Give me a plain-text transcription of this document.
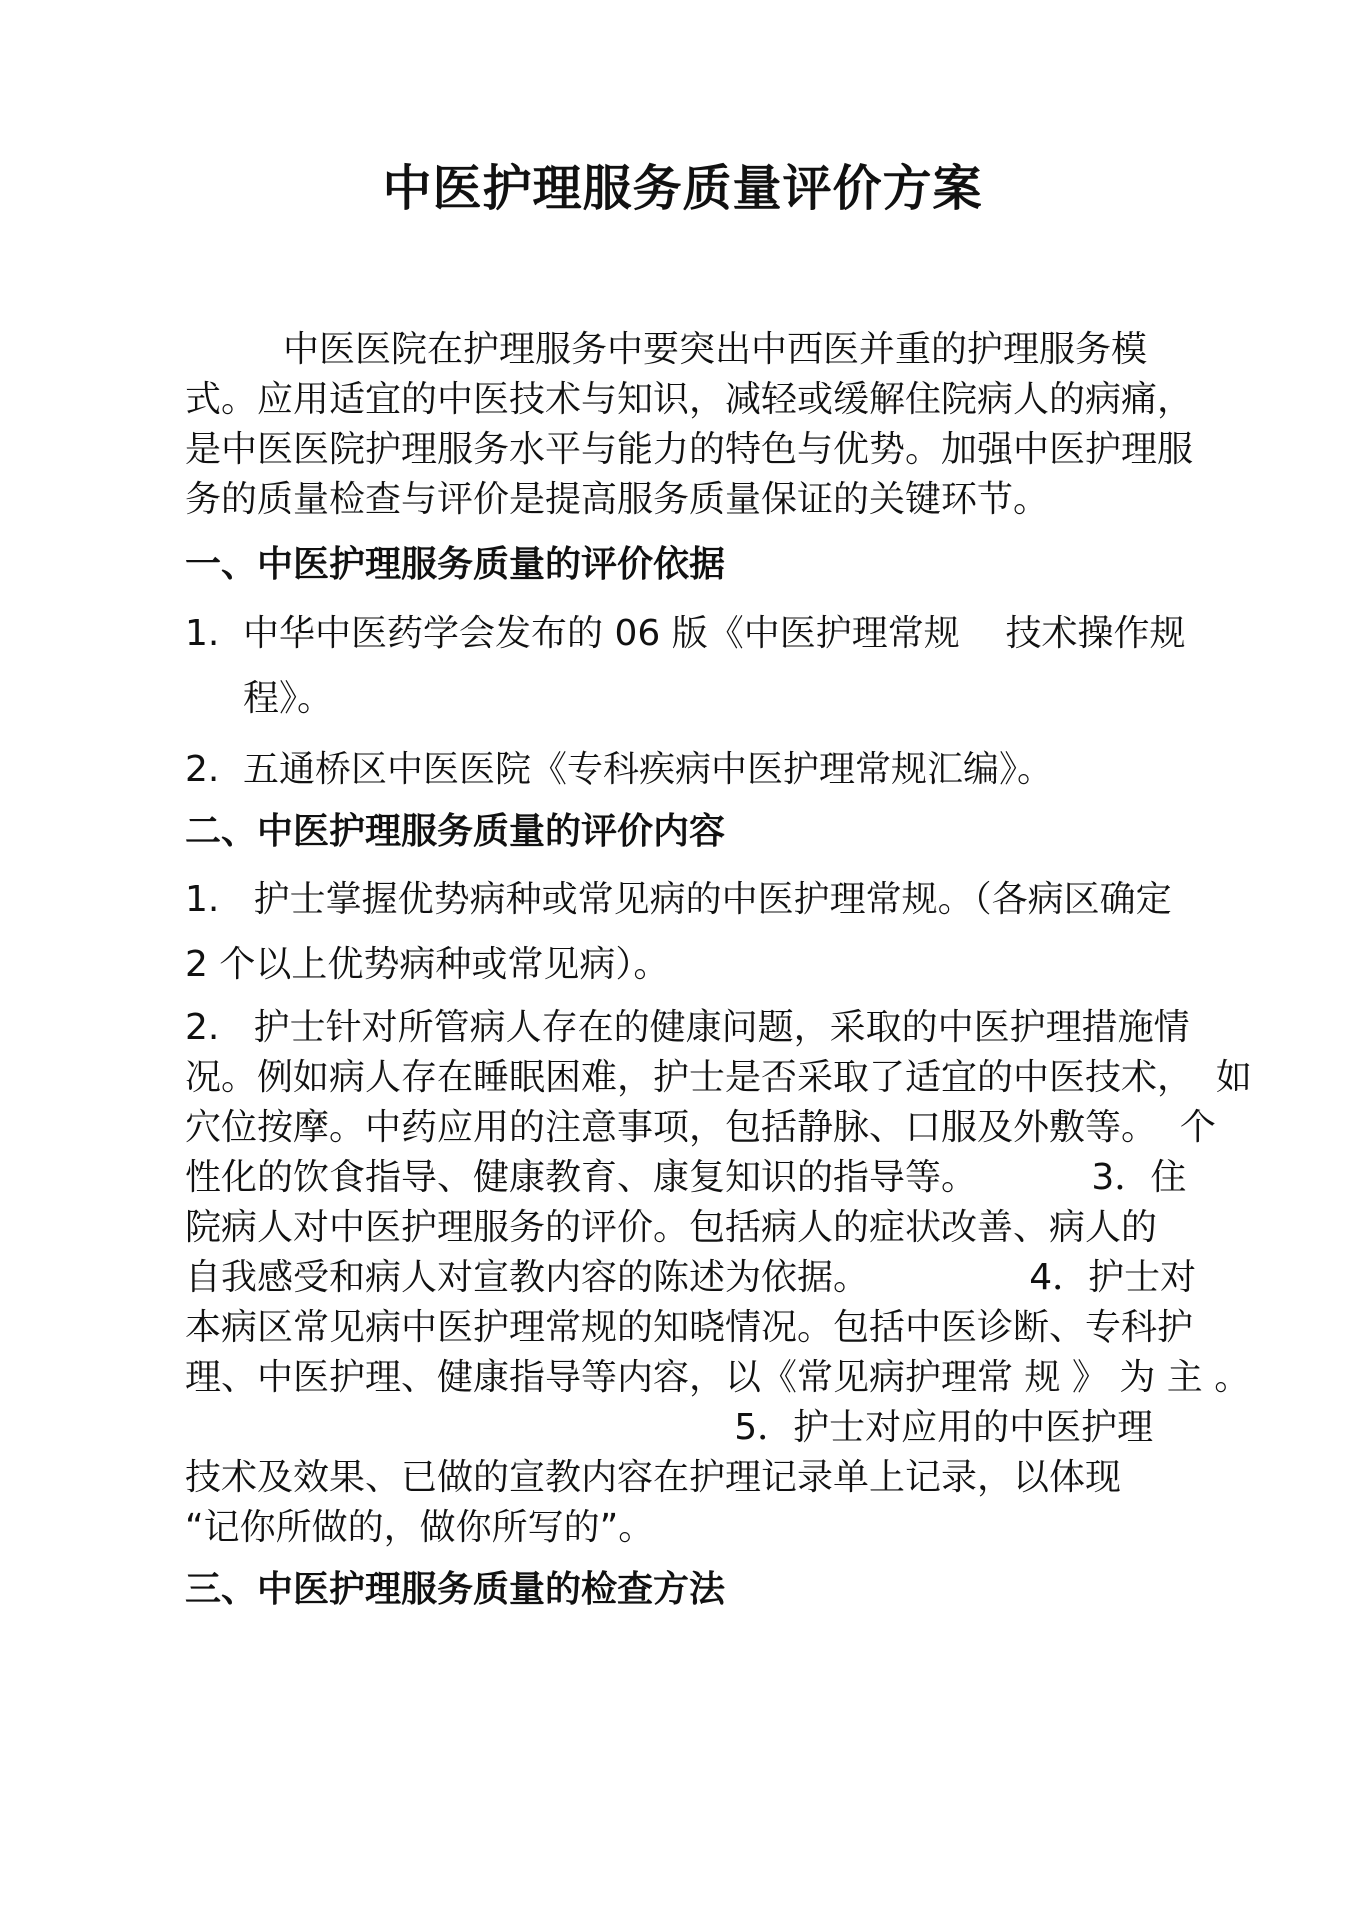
中医护理服务质量评价方案
中医医院在护理服务中要突出中西医并重的护理服务模
式。应用适宜的中医技术与知识，减轻或缓解住院病人的病痛，
是中医医院护理服务水平与能力的特色与优势。加强中医护理服
务的质量检查与评价是提高服务质量保证的关键环节。
一、中医护理服务质量的评价依据
1. 中华中医药学会发布的 06 版《中医护理常规    技术操作规
程》。
2. 五通桥区中医医院《专科疾病中医护理常规汇编》。
二、中医护理服务质量的评价内容
1.   护士掌握优势病种或常见病的中医护理常规。（各病区确定
2 个以上优势病种或常见病）。
2.   护士针对所管病人存在的健康问题，采取的中医护理措施情
况。例如病人存在睡眠困难，护士是否采取了适宜的中医技术，  如
穴位按摩。中药应用的注意事项，包括静脉、口服及外敷等。  个
性化的饮食指导、健康教育、康复知识的指导等。          3．住
院病人对中医护理服务的评价。包括病人的症状改善、病人的
自我感受和病人对宣教内容的陈述为依据。              4．护士对
本病区常见病中医护理常规的知晓情况。包括中医诊断、专科护
理、中医护理、健康指导等内容，以《常见病护理常 规 》 为 主 。
5．护士对应用的中医护理
技术及效果、已做的宣教内容在护理记录单上记录，以体现
“记你所做的，做你所写的”。
三、中医护理服务质量的检查方法
